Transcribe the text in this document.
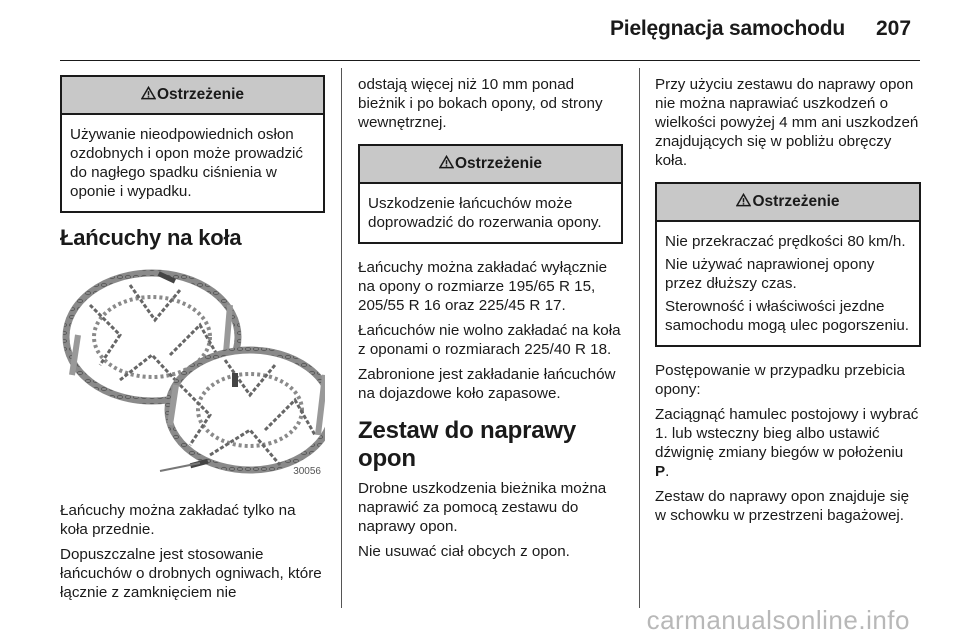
Pielęgnacja samochodu 207
Ostrzeżenie

Używanie nieodpowiednich osłon ozdobnych i opon może prowadzić do nagłego spadku ciśnienia w oponie i wypadku.

Łańcuchy na koła
30056

Łańcuchy można zakładać tylko na koła przednie.

Dopuszczalne jest stosowanie łańcuchów o drobnych ogniwach, które łącznie z zamknięciem nie

odstają więcej niż 10 mm ponad bieżnik i po bokach opony, od strony wewnętrznej.

Ostrzeżenie

Uszkodzenie łańcuchów może doprowadzić do rozerwania opony.

Łańcuchy można zakładać wyłącznie na opony o rozmiarze 195/65 R 15, 205/55 R 16 oraz 225/45 R 17.

Łańcuchów nie wolno zakładać na koła z oponami o rozmiarach 225/40 R 18.

Zabronione jest zakładanie łańcuchów na dojazdowe koło zapasowe.

Zestaw do naprawy opon

Drobne uszkodzenia bieżnika można naprawić za pomocą zestawu do naprawy opon.

Nie usuwać ciał obcych z opon.

Przy użyciu zestawu do naprawy opon nie można naprawiać uszkodzeń o wielkości powyżej 4 mm ani uszkodzeń znajdujących się w pobliżu obręczy koła.

Ostrzeżenie

Nie przekraczać prędkości 80 km/h.

Nie używać naprawionej opony przez dłuższy czas.

Sterowność i właściwości jezdne samochodu mogą ulec pogorszeniu.

Postępowanie w przypadku przebicia opony:

Zaciągnąć hamulec postojowy i wybrać 1. lub wsteczny bieg albo ustawić dźwignię zmiany biegów w położeniu P.

Zestaw do naprawy opon znajduje się w schowku w przestrzeni bagażowej.

carmanualsonline.info
